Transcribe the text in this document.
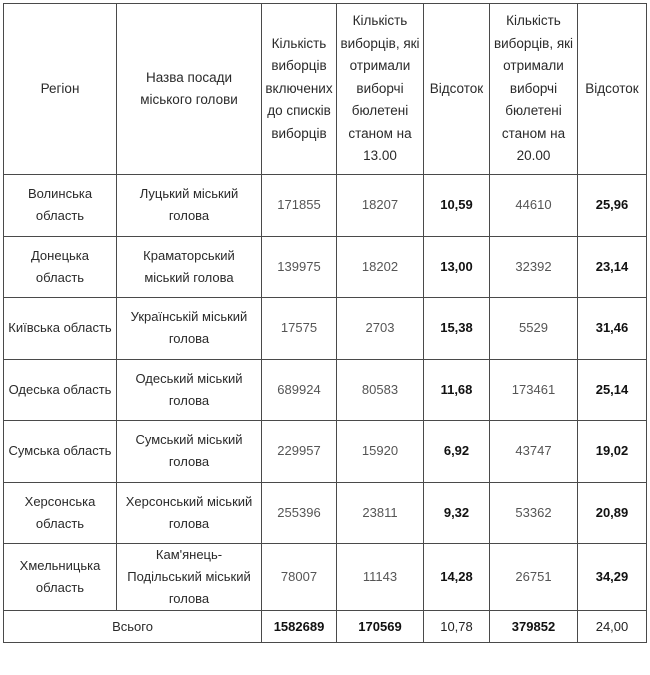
Регіон	Назва посади міського голови	Кількість виборців включених до списків виборців	Кількість виборців, які отримали виборчі бюлетені станом на 13.00	Відсоток	Кількість виборців, які отримали виборчі бюлетені станом на 20.00	Відсоток
Волинська область	Луцький міський голова	171855	18207	10,59	44610	25,96
Донецька область	Краматорський міський голова	139975	18202	13,00	32392	23,14
Київська область	Українській міський голова	17575	2703	15,38	5529	31,46
Одеська область	Одеський міський голова	689924	80583	11,68	173461	25,14
Сумська область	Сумський міський голова	229957	15920	6,92	43747	19,02
Херсонська область	Херсонський міський голова	255396	23811	9,32	53362	20,89
Хмельницька область	Кам'янець-Подільський міський голова	78007	11143	14,28	26751	34,29
Всього		1582689	170569	10,78	379852	24,00
